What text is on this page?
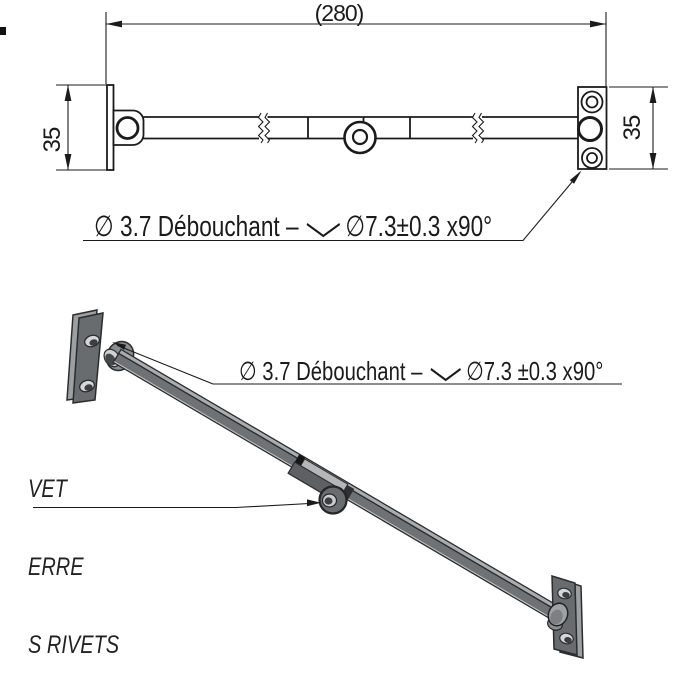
(280)
35	35
∅ 3.7 Débouchant – ∅7.3±0.3 x90°
∅ 3.7 Débouchant – ∅7.3 ±0.3 x90°

VET

ERRE

S RIVETS
